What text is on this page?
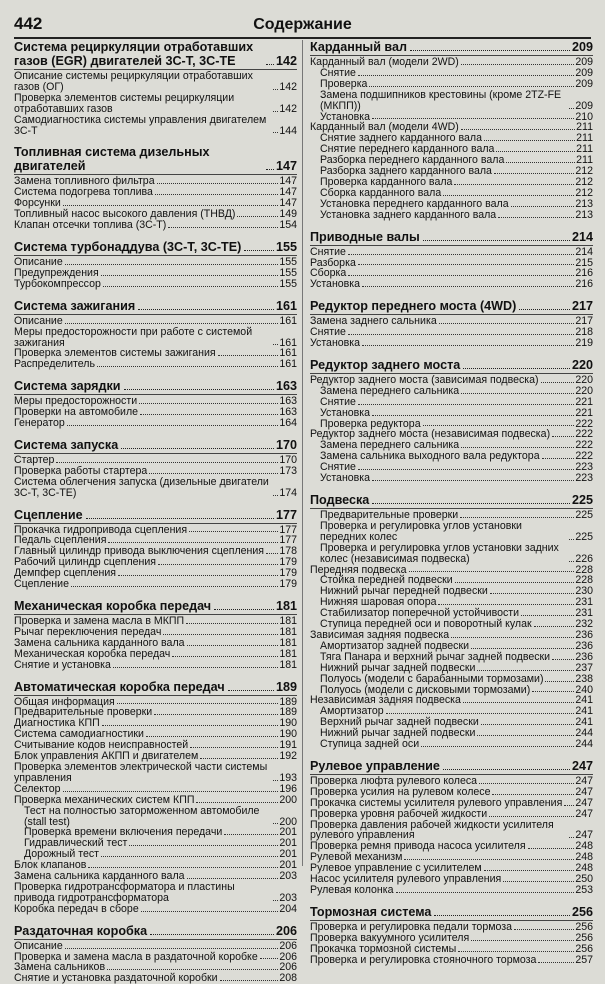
442	Содержание
Система рециркуляции отработавших газов (EGR) двигателей 3С-Т, 3С-TE	142
Описание системы рециркуляции отработавших газов (ОГ)	142
Проверка элементов системы рециркуляции отработавших газов	142
Самодиагностика системы управления двигателем 3С-Т	144
Топливная система дизельных двигателей	147
Замена топливного фильтра	147
Система подогрева топлива	147
Форсунки	147
Топливный насос высокого давления (ТНВД)	149
Клапан отсечки топлива (3С-Т)	154
Система турбонаддува (3С-Т, 3С-TE)	155
Описание	155
Предупреждения	155
Турбокомпрессор	155
Система зажигания	161
Описание	161
Меры предосторожности при работе с системой зажигания	161
Проверка элементов системы зажигания	161
Распределитель	161
Система зарядки	163
Меры предосторожности	163
Проверки на автомобиле	163
Генератор	164
Система запуска	170
Стартер	170
Проверка работы стартера	173
Система облегчения запуска (дизельные двигатели 3С-Т, 3С-TE)	174
Сцепление	177
Прокачка гидропривода сцепления	177
Педаль сцепления	177
Главный цилиндр привода выключения сцепления 178
Рабочий цилиндр сцепления	179
Демпфер сцепления	179
Сцепление	179
Механическая коробка передач	181
Проверка и замена масла в МКПП	181
Рычаг переключения передач	181
Замена сальника карданного вала	181
Механическая коробка передач	181
Снятие и установка	181
Автоматическая коробка передач	189
Общая информация	189
Предварительные проверки	189
Диагностика КПП	190
Система самодиагностики	190
Считывание кодов неисправностей	191
Блок управления АКПП и двигателем	192
Проверка элементов электрической части системы управления	193
Селектор	196
Проверка механических систем КПП	200
Тест на полностью заторможенном автомобиле (stall test)	200
Проверка времени включения передачи	201
Гидравлический тест	201
Дорожный тест	201
Блок клапанов	201
Замена сальника карданного вала	203
Проверка гидротрансформатора и пластины привода гидротрансформатора	203
Коробка передач в сборе	204
Раздаточная коробка	206
Описание	206
Проверка и замена масла в раздаточной коробке 206
Замена сальников	206
Снятие и установка раздаточной коробки	208
Карданный вал	209
Карданный вал (модели 2WD)	209
Снятие	209
Проверка	209
Замена подшипников крестовины (кроме 2TZ-FE (МКПП))	209
Установка	210
Карданный вал (модели 4WD)	211
Снятие заднего карданного вала	211
Снятие переднего карданного вала	211
Разборка переднего карданного вала	211
Разборка заднего карданного вала	212
Проверка карданного вала	212
Сборка карданного вала	212
Установка переднего карданного вала	213
Установка заднего карданного вала	213
Приводные валы	214
Снятие	214
Разборка	215
Сборка	216
Установка	216
Редуктор переднего моста (4WD)	217
Замена заднего сальника	217
Снятие	218
Установка	219
Редуктор заднего моста	220
Редуктор заднего моста (зависимая подвеска)	220
Замена переднего сальника	220
Снятие	221
Установка	221
Проверка редуктора	222
Редуктор заднего моста (независимая подвеска) 222
Замена переднего сальника	222
Замена сальника выходного вала редуктора	222
Снятие	223
Установка	223
Подвеска	225
Предварительные проверки	225
Проверка и регулировка углов установки передних колес	225
Проверка и регулировка углов установки задних колес (независимая подвеска)	226
Передняя подвеска	228
Стойка передней подвески	228
Нижний рычаг передней подвески	230
Нижняя шаровая опора	231
Стабилизатор поперечной устойчивости	231
Ступица передней оси и поворотный кулак	232
Зависимая задняя подвеска	236
Амортизатор задней подвески	236
Тяга Панара и верхний рычаг задней подвески 236
Нижний рычаг задней подвески	237
Полуось (модели с барабанными тормозами)	238
Полуось (модели с дисковыми тормозами)	240
Независимая задняя подвеска	241
Амортизатор	241
Верхний рычаг задней подвески	241
Нижний рычаг задней подвески	244
Ступица задней оси	244
Рулевое управление	247
Проверка люфта рулевого колеса	247
Проверка усилия на рулевом колесе	247
Прокачка системы усилителя рулевого управления 247
Проверка уровня рабочей жидкости	247
Проверка давления рабочей жидкости усилителя рулевого управления	247
Проверка ремня привода насоса усилителя	248
Рулевой механизм	248
Рулевое управление с усилителем	248
Насос усилителя рулевого управления	250
Рулевая колонка	253
Тормозная система	256
Проверка и регулировка педали тормоза	256
Проверка вакуумного усилителя	256
Прокачка тормозной системы	256
Проверка и регулировка стояночного тормоза	257
